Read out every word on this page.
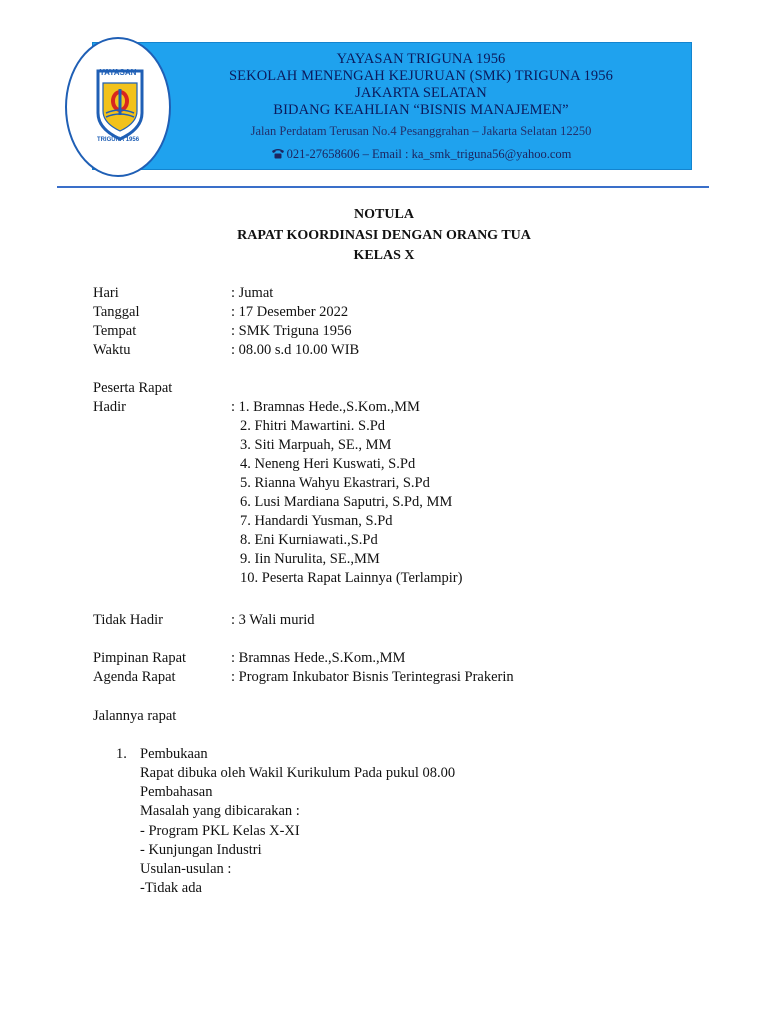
YAYASAN
TRIGUNA 1956
YAYASAN TRIGUNA 1956
SEKOLAH MENENGAH KEJURUAN (SMK) TRIGUNA 1956
JAKARTA SELATAN
BIDANG KEAHLIAN “BISNIS MANAJEMEN”
Jalan Perdatam Terusan No.4 Pesanggrahan – Jakarta Selatan 12250
021-27658606 – Email : ka_smk_triguna56@yahoo.com
NOTULA
RAPAT KOORDINASI DENGAN ORANG TUA
KELAS X
Hari	: Jumat
Tanggal	: 17 Desember 2022
Tempat	: SMK Triguna 1956
Waktu	: 08.00 s.d 10.00 WIB
Peserta Rapat
Hadir	: 1. Bramnas Hede.,S.Kom.,MM
2. Fhitri Mawartini. S.Pd
3. Siti Marpuah, SE., MM
4. Neneng Heri Kuswati, S.Pd
5. Rianna Wahyu Ekastrari, S.Pd
6. Lusi Mardiana Saputri, S.Pd, MM
7. Handardi Yusman, S.Pd
8. Eni Kurniawati.,S.Pd
9. Iin Nurulita, SE.,MM
10. Peserta Rapat Lainnya (Terlampir)
Tidak Hadir	: 3 Wali murid
Pimpinan Rapat	: Bramnas Hede.,S.Kom.,MM
Agenda Rapat	: Program Inkubator Bisnis Terintegrasi Prakerin
Jalannya rapat
1. Pembukaan
Rapat dibuka oleh Wakil Kurikulum Pada pukul 08.00
Pembahasan
Masalah yang dibicarakan :
- Program PKL Kelas X-XI
- Kunjungan Industri
Usulan-usulan :
-Tidak ada
